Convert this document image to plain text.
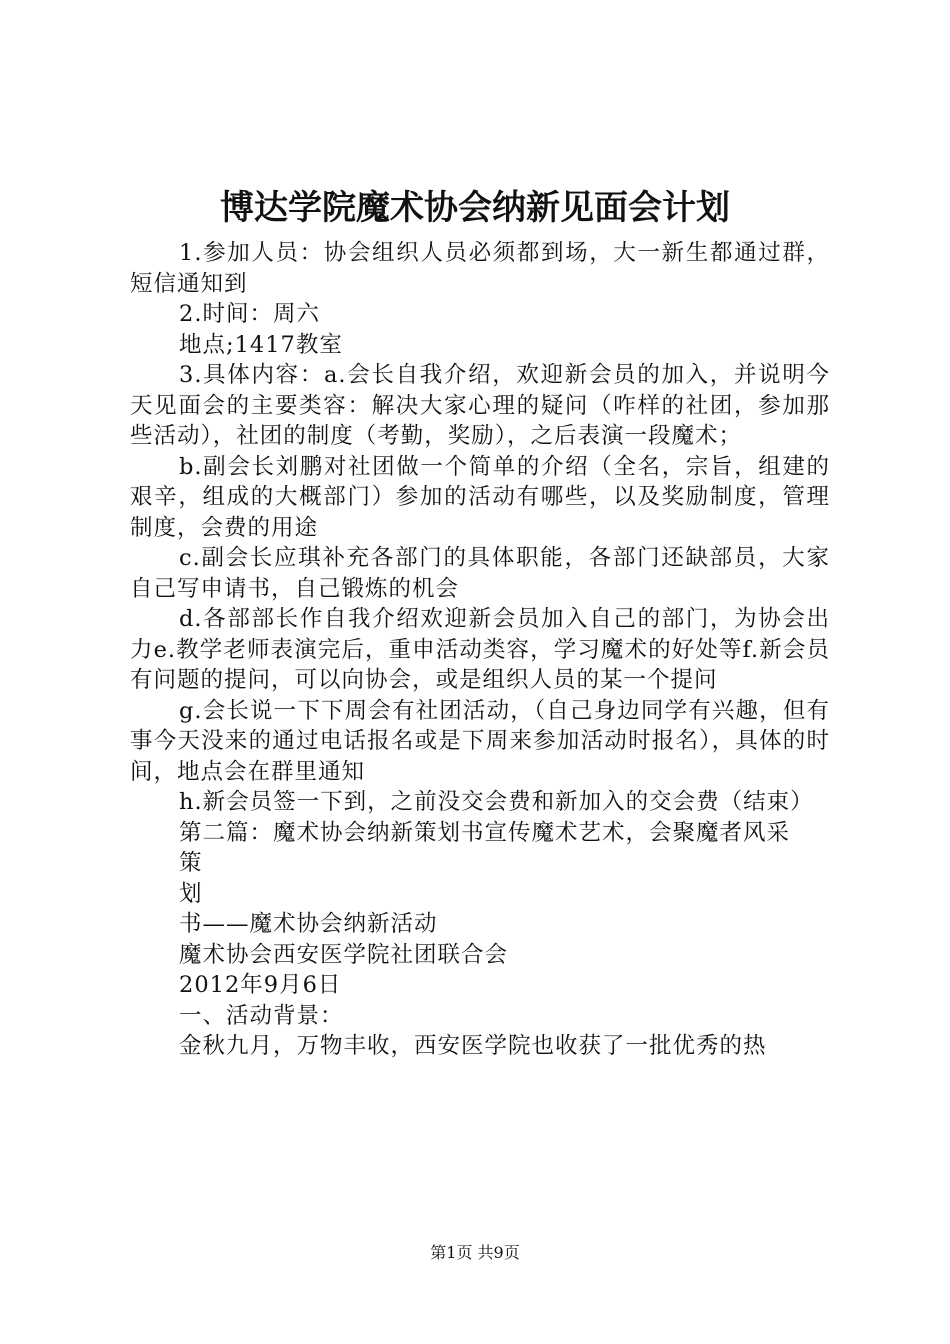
博达学院魔术协会纳新见面会计划

1.参加人员：协会组织人员必须都到场，大一新生都通过群，短信通知到

2.时间：周六

地点;1417教室

3.具体内容：a.会长自我介绍，欢迎新会员的加入，并说明今天见面会的主要类容：解决大家心理的疑问（咋样的社团，参加那些活动），社团的制度（考勤，奖励），之后表演一段魔术；

b.副会长刘鹏对社团做一个简单的介绍（全名，宗旨，组建的艰辛，组成的大概部门）参加的活动有哪些，以及奖励制度，管理制度，会费的用途

c.副会长应琪补充各部门的具体职能，各部门还缺部员，大家自己写申请书，自己锻炼的机会

d.各部部长作自我介绍欢迎新会员加入自己的部门，为协会出力e.教学老师表演完后，重申活动类容，学习魔术的好处等f.新会员有问题的提问，可以向协会，或是组织人员的某一个提问

g.会长说一下下周会有社团活动，（自己身边同学有兴趣，但有事今天没来的通过电话报名或是下周来参加活动时报名），具体的时间，地点会在群里通知

h.新会员签一下到，之前没交会费和新加入的交会费（结束）

第二篇：魔术协会纳新策划书宣传魔术艺术，会聚魔者风采

策

划

书——魔术协会纳新活动

魔术协会西安医学院社团联合会

2012年9月6日

一、活动背景：

金秋九月，万物丰收，西安医学院也收获了一批优秀的热

第1页 共9页
